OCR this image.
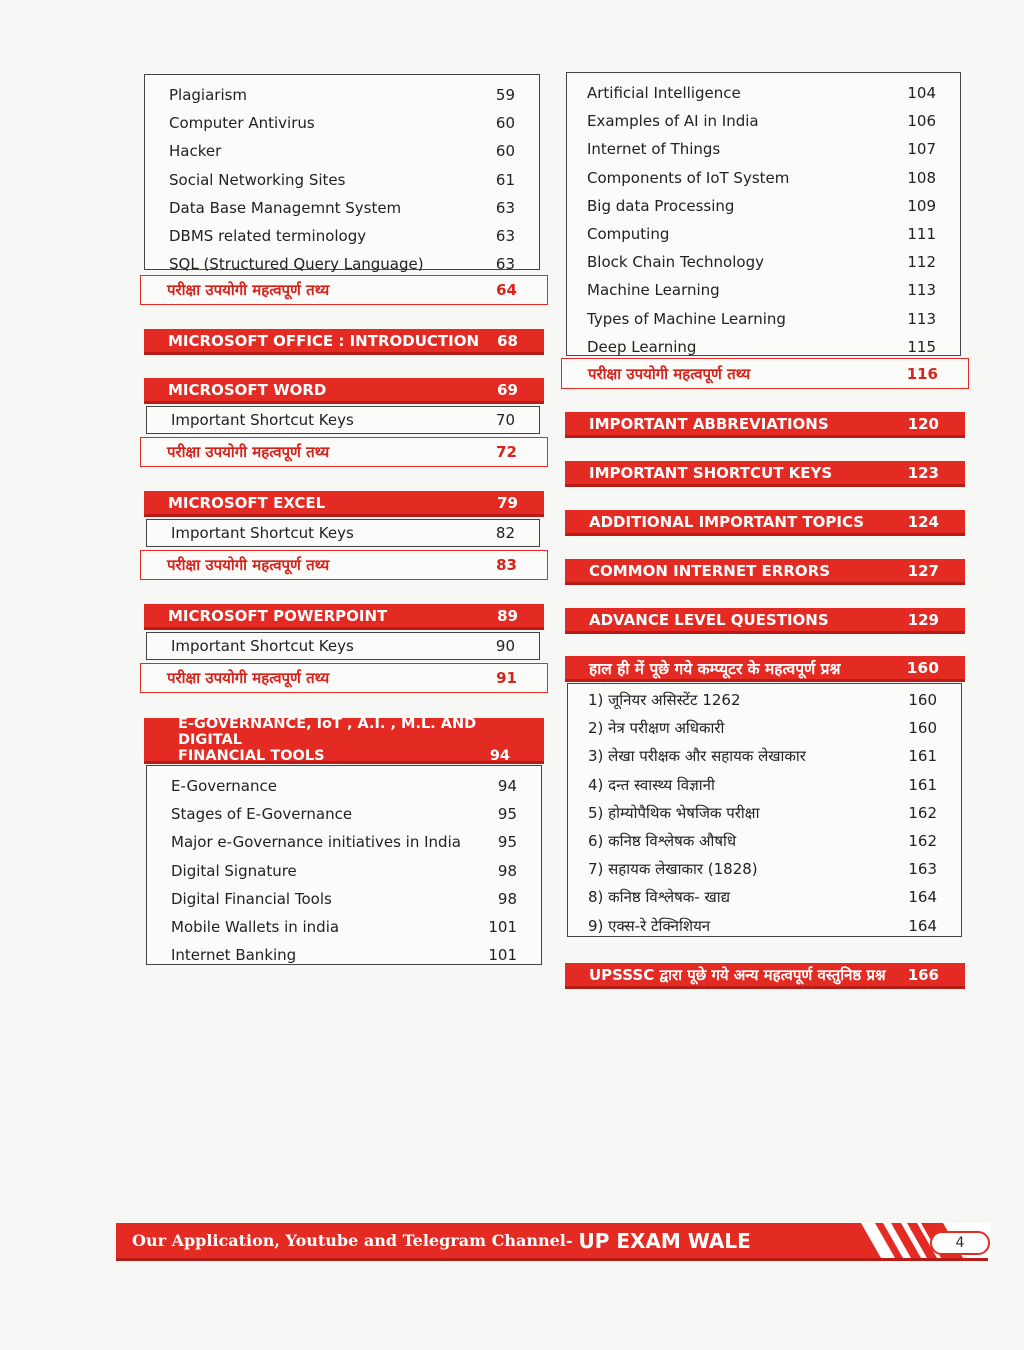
Plagiarism	59
Computer Antivirus	60
Hacker	60
Social Networking Sites	61
Data Base Managemnt System	63
DBMS related terminology	63
SQL (Structured Query Language)	63
परीक्षा उपयोगी महत्वपूर्ण तथ्य	64
MICROSOFT OFFICE : INTRODUCTION 68
MICROSOFT WORD	69
Important Shortcut Keys	70
परीक्षा उपयोगी महत्वपूर्ण तथ्य	72
MICROSOFT EXCEL	79
Important Shortcut Keys	82
परीक्षा उपयोगी महत्वपूर्ण तथ्य	83
MICROSOFT POWERPOINT	89
Important Shortcut Keys	90
परीक्षा उपयोगी महत्वपूर्ण तथ्य	91
E-GOVERNANCE, IoT , A.I. , M.L. AND DIGITAL
FINANCIAL TOOLS	94
E-Governance	94
Stages of E-Governance	95
Major e-Governance initiatives in India	95
Digital Signature	98
Digital Financial Tools	98
Mobile Wallets in india	101
Internet Banking	101
Artificial Intelligence	104
Examples of AI in India	106
Internet of Things	107
Components of IoT System	108
Big data Processing	109
Computing	111
Block Chain Technology	112
Machine Learning	113
Types of Machine Learning	113
Deep Learning	115
परीक्षा उपयोगी महत्वपूर्ण तथ्य	116
IMPORTANT ABBREVIATIONS	120
IMPORTANT SHORTCUT KEYS	123
ADDITIONAL IMPORTANT TOPICS	124
COMMON INTERNET ERRORS	127
ADVANCE LEVEL QUESTIONS	129
हाल ही में पूछे गये कम्प्यूटर के महत्वपूर्ण प्रश्न	160
1) जूनियर असिस्टेंट 1262	160
2) नेत्र परीक्षण अधिकारी	160
3) लेखा परीक्षक और सहायक लेखाकार	161
4) दन्त स्वास्थ्य विज्ञानी	161
5) होम्योपैथिक भेषजिक परीक्षा	162
6) कनिष्ठ विश्लेषक औषधि	162
7) सहायक लेखाकार (1828)	163
8) कनिष्ठ विश्लेषक- खाद्य	164
9) एक्स-रे टेक्निशियन	164
UPSSSC द्वारा पूछे गये अन्य महत्वपूर्ण वस्तुनिष्ठ प्रश्न 166
Our Application, Youtube and Telegram Channel- UP EXAM WALE	4
